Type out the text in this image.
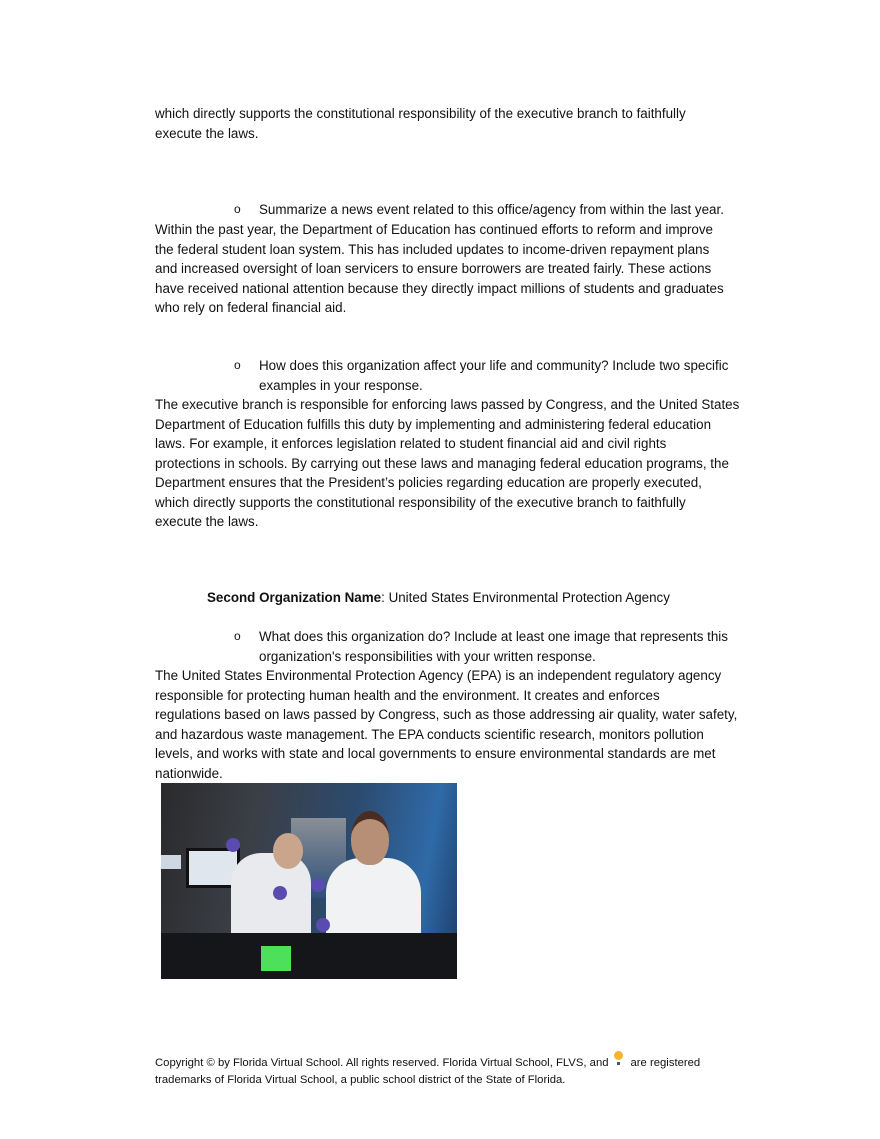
which directly supports the constitutional responsibility of the executive branch to faithfully
execute the laws.
o Summarize a news event related to this office/agency from within the last year.
Within the past year, the Department of Education has continued efforts to reform and improve
the federal student loan system. This has included updates to income-driven repayment plans
and increased oversight of loan servicers to ensure borrowers are treated fairly. These actions
have received national attention because they directly impact millions of students and graduates
who rely on federal financial aid.
o How does this organization affect your life and community? Include two specific
examples in your response.
The executive branch is responsible for enforcing laws passed by Congress, and the United States
Department of Education fulfills this duty by implementing and administering federal education
laws. For example, it enforces legislation related to student financial aid and civil rights
protections in schools. By carrying out these laws and managing federal education programs, the
Department ensures that the President’s policies regarding education are properly executed,
which directly supports the constitutional responsibility of the executive branch to faithfully
execute the laws.
Second Organization Name: United States Environmental Protection Agency
o What does this organization do? Include at least one image that represents this
organization's responsibilities with your written response.
The United States Environmental Protection Agency (EPA) is an independent regulatory agency
responsible for protecting human health and the environment. It creates and enforces
regulations based on laws passed by Congress, such as those addressing air quality, water safety,
and hazardous waste management. The EPA conducts scientific research, monitors pollution
levels, and works with state and local governments to ensure environmental standards are met
nationwide.
Copyright © by Florida Virtual School. All rights reserved. Florida Virtual School, FLVS, and are registered
trademarks of Florida Virtual School, a public school district of the State of Florida.
